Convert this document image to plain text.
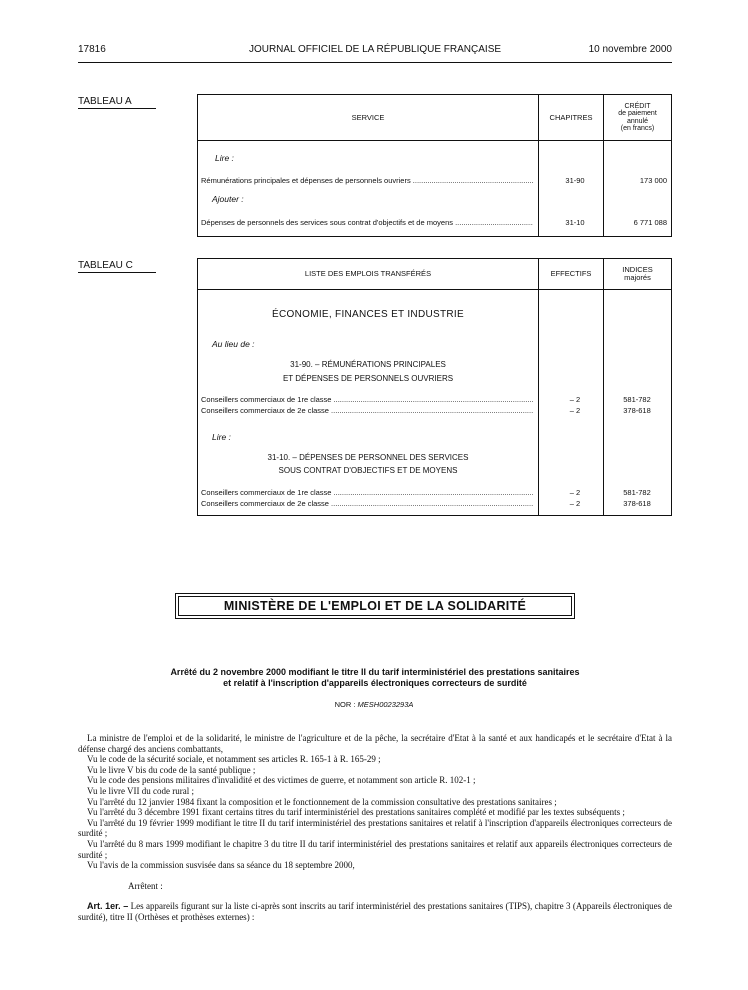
17816	JOURNAL OFFICIEL DE LA RÉPUBLIQUE FRANÇAISE	10 novembre 2000
TABLEAU A
SERVICE	CHAPITRES
CRÉDIT
de paiement
annulé
(en francs)
Lire :
Rémunérations principales et dépenses de personnels ouvriers .....	31-90	173 000
Ajouter :
Dépenses de personnels des services sous contrat d'objectifs et de moyens .....	31-10	6 771 088
TABLEAU C
LISTE DES EMPLOIS TRANSFÉRÉS	EFFECTIFS	INDICES
majorés
ÉCONOMIE, FINANCES ET INDUSTRIE
Au lieu de :
31-90. – RÉMUNÉRATIONS PRINCIPALES
ET DÉPENSES DE PERSONNELS OUVRIERS
Conseillers commerciaux de 1re classe .....	– 2	581-782
Conseillers commerciaux de 2e classe .....	– 2	378-618
Lire :
31-10. – DÉPENSES DE PERSONNEL DES SERVICES
SOUS CONTRAT D'OBJECTIFS ET DE MOYENS
Conseillers commerciaux de 1re classe .....	– 2	581-782
Conseillers commerciaux de 2e classe .....	– 2	378-618
MINISTÈRE DE L'EMPLOI ET DE LA SOLIDARITÉ
Arrêté du 2 novembre 2000 modifiant le titre II du tarif interministériel des prestations sanitaires
et relatif à l'inscription d'appareils électroniques correcteurs de surdité
NOR : MESH0023293A

La ministre de l'emploi et de la solidarité, le ministre de l'agriculture et de la pêche, la secrétaire d'Etat à la santé et aux handicapés et le secrétaire d'Etat à la défense chargé des anciens combattants,

Vu le code de la sécurité sociale, et notamment ses articles R. 165-1 à R. 165-29 ;

Vu le livre V bis du code de la santé publique ;

Vu le code des pensions militaires d'invalidité et des victimes de guerre, et notamment son article R. 102-1 ;

Vu le livre VII du code rural ;

Vu l'arrêté du 12 janvier 1984 fixant la composition et le fonctionnement de la commission consultative des prestations sanitaires ;

Vu l'arrêté du 3 décembre 1991 fixant certains titres du tarif interministériel des prestations sanitaires complété et modifié par les textes subséquents ;

Vu l'arrêté du 19 février 1999 modifiant le titre II du tarif interministériel des prestations sanitaires et relatif à l'inscription d'appareils électroniques correcteurs de surdité ;

Vu l'arrêté du 8 mars 1999 modifiant le chapitre 3 du titre II du tarif interministériel des prestations sanitaires et relatif aux appareils électroniques correcteurs de surdité ;

Vu l'avis de la commission susvisée dans sa séance du 18 septembre 2000,

Arrêtent :

Art. 1er. – Les appareils figurant sur la liste ci-après sont inscrits au tarif interministériel des prestations sanitaires (TIPS), chapitre 3 (Appareils électroniques de surdité), titre II (Orthèses et prothèses externes) :
